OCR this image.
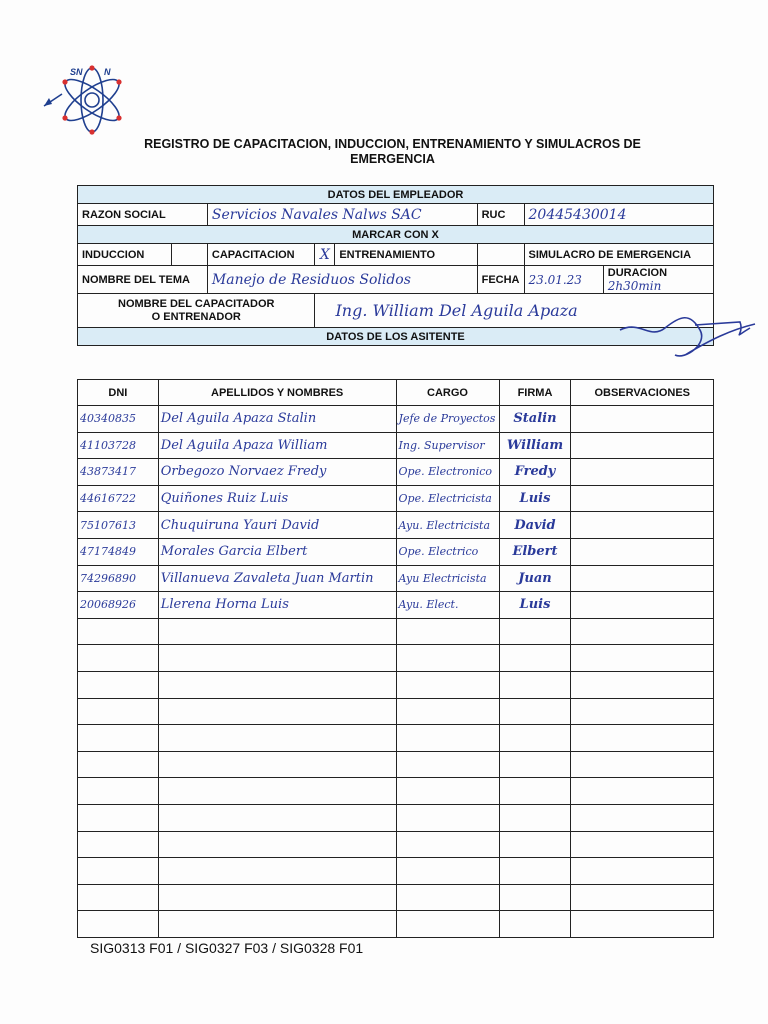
SN N
REGISTRO DE CAPACITACION, INDUCCION, ENTRENAMIENTO Y SIMULACROS DE
EMERGENCIA
DATOS DEL EMPLEADOR							
RAZON SOCIAL		Servicios Navales Nalws SAC			RUC	20445430014	
MARCAR CON X							
INDUCCION		CAPACITACION	X	ENTRENAMIENTO		SIMULACRO DE EMERGENCIA	
NOMBRE DEL TEMA		Manejo de Residuos Solidos			FECHA	23.01.23	DURACION 2h30min
NOMBRE DEL CAPACITADOR
O ENTRENADOR			Ing. William Del Aguila Apaza				
DATOS DE LOS ASITENTE							
DNI	APELLIDOS Y NOMBRES	CARGO	FIRMA	OBSERVACIONES
40340835	Del Aguila Apaza Stalin	Jefe de Proyectos	Stalin	
41103728	Del Aguila Apaza William	Ing. Supervisor	William	
43873417	Orbegozo Norvaez Fredy	Ope. Electronico	Fredy	
44616722	Quiñones Ruiz Luis	Ope. Electricista	Luis	
75107613	Chuquiruna Yauri David	Ayu. Electricista	David	
47174849	Morales Garcia Elbert	Ope. Electrico	Elbert	
74296890	Villanueva Zavaleta Juan Martin	Ayu Electricista	Juan	
20068926	Llerena Horna Luis	Ayu. Elect.	Luis	

SIG0313 F01 / SIG0327 F03 / SIG0328 F01
